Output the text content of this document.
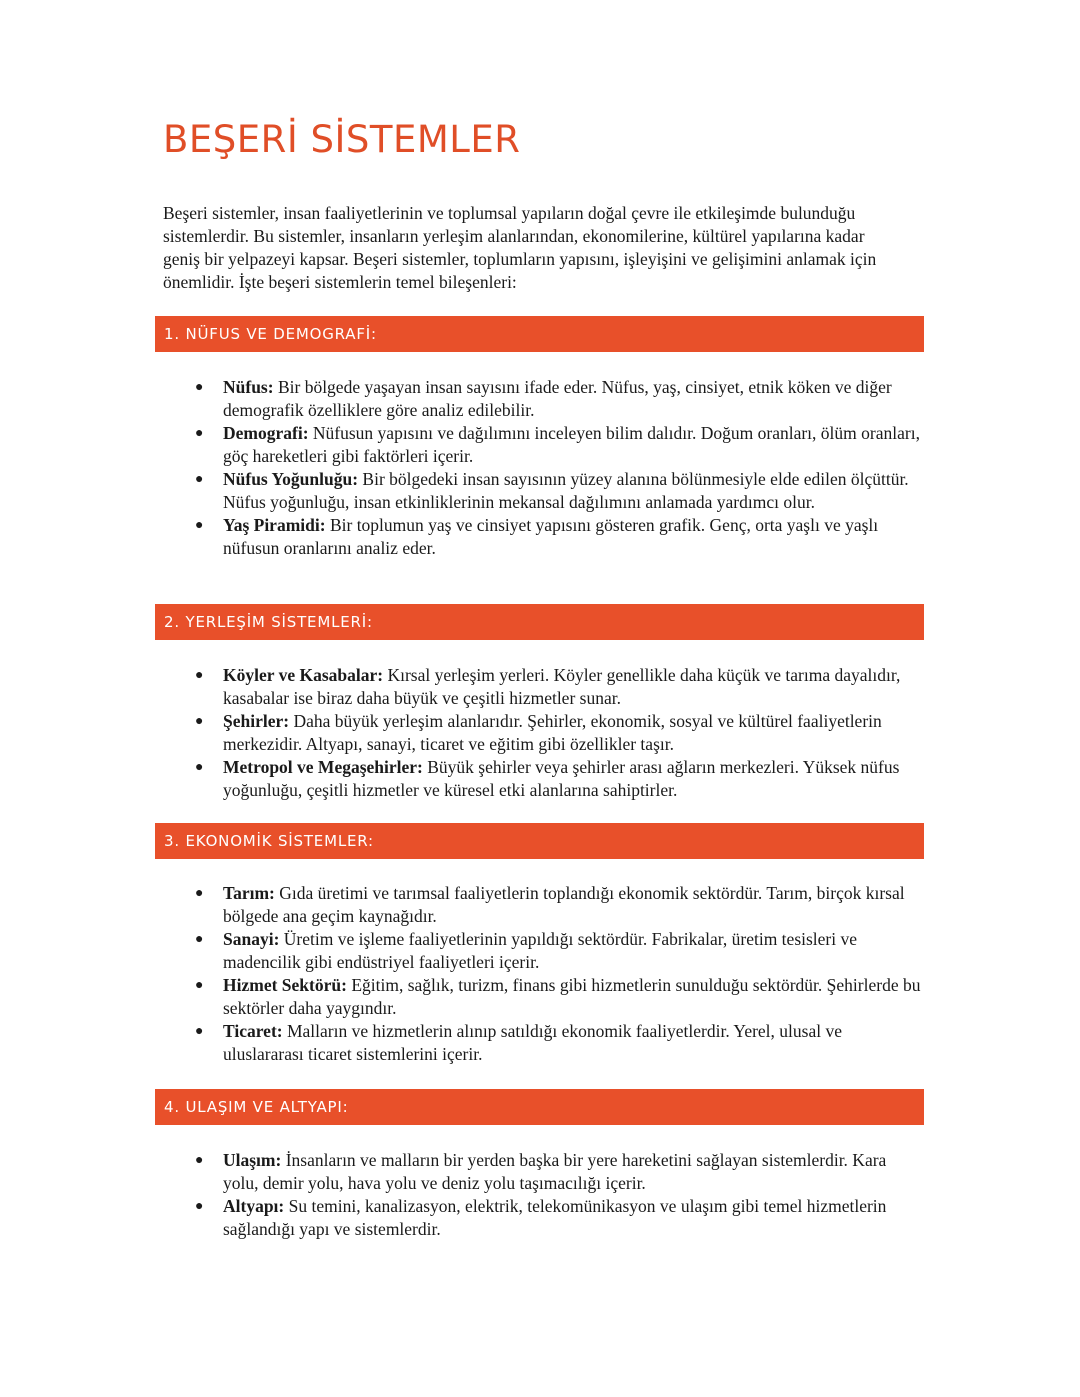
BEŞERİ SİSTEMLER

Beşeri sistemler, insan faaliyetlerinin ve toplumsal yapıların doğal çevre ile etkileşimde bulunduğu sistemlerdir. Bu sistemler, insanların yerleşim alanlarından, ekonomilerine, kültürel yapılarına kadar geniş bir yelpazeyi kapsar. Beşeri sistemler, toplumların yapısını, işleyişini ve gelişimini anlamak için önemlidir. İşte beşeri sistemlerin temel bileşenleri:

1. NÜFUS VE DEMOGRAFİ:
● Nüfus: Bir bölgede yaşayan insan sayısını ifade eder. Nüfus, yaş, cinsiyet, etnik köken ve diğer demografik özelliklere göre analiz edilebilir.
● Demografi: Nüfusun yapısını ve dağılımını inceleyen bilim dalıdır. Doğum oranları, ölüm oranları, göç hareketleri gibi faktörleri içerir.
● Nüfus Yoğunluğu: Bir bölgedeki insan sayısının yüzey alanına bölünmesiyle elde edilen ölçüttür. Nüfus yoğunluğu, insan etkinliklerinin mekansal dağılımını anlamada yardımcı olur.
● Yaş Piramidi: Bir toplumun yaş ve cinsiyet yapısını gösteren grafik. Genç, orta yaşlı ve yaşlı nüfusun oranlarını analiz eder.
2. YERLEŞİM SİSTEMLERİ:
● Köyler ve Kasabalar: Kırsal yerleşim yerleri. Köyler genellikle daha küçük ve tarıma dayalıdır, kasabalar ise biraz daha büyük ve çeşitli hizmetler sunar.
● Şehirler: Daha büyük yerleşim alanlarıdır. Şehirler, ekonomik, sosyal ve kültürel faaliyetlerin merkezidir. Altyapı, sanayi, ticaret ve eğitim gibi özellikler taşır.
● Metropol ve Megaşehirler: Büyük şehirler veya şehirler arası ağların merkezleri. Yüksek nüfus yoğunluğu, çeşitli hizmetler ve küresel etki alanlarına sahiptirler.
3. EKONOMİK SİSTEMLER:
● Tarım: Gıda üretimi ve tarımsal faaliyetlerin toplandığı ekonomik sektördür. Tarım, birçok kırsal bölgede ana geçim kaynağıdır.
● Sanayi: Üretim ve işleme faaliyetlerinin yapıldığı sektördür. Fabrikalar, üretim tesisleri ve madencilik gibi endüstriyel faaliyetleri içerir.
● Hizmet Sektörü: Eğitim, sağlık, turizm, finans gibi hizmetlerin sunulduğu sektördür. Şehirlerde bu sektörler daha yaygındır.
● Ticaret: Malların ve hizmetlerin alınıp satıldığı ekonomik faaliyetlerdir. Yerel, ulusal ve uluslararası ticaret sistemlerini içerir.
4. ULAŞIM VE ALTYAPI:
● Ulaşım: İnsanların ve malların bir yerden başka bir yere hareketini sağlayan sistemlerdir. Kara yolu, demir yolu, hava yolu ve deniz yolu taşımacılığı içerir.
● Altyapı: Su temini, kanalizasyon, elektrik, telekomünikasyon ve ulaşım gibi temel hizmetlerin sağlandığı yapı ve sistemlerdir.
